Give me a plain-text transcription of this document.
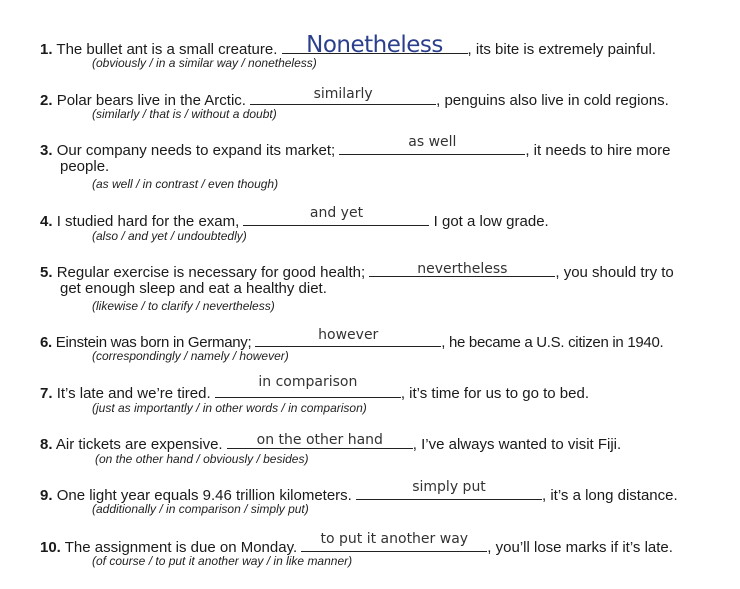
1. The bullet ant is a small creature.	Nonetheless	, its bite is extremely painful.
(obviously / in a similar way / nonetheless)
2. Polar bears live in the Arctic.	similarly	, penguins also live in cold regions.
(similarly / that is / without a doubt)
3. Our company needs to expand its market;	as well	, it needs to hire more
people.
(as well / in contrast / even though)
4. I studied hard for the exam,	and yet	I got a low grade.
(also / and yet / undoubtedly)
5. Regular exercise is necessary for good health;	nevertheless	, you should try to
get enough sleep and eat a healthy diet.
(likewise / to clarify / nevertheless)
6. Einstein was born in Germany;	however	, he became a U.S. citizen in 1940.
(correspondingly / namely / however)
7. It’s late and we’re tired.
in comparison
, it’s time for us to go to bed.
(just as importantly / in other words / in comparison)
8. Air tickets are expensive.	on the other hand	, I’ve always wanted to visit Fiji.
(on the other hand / obviously / besides)
9. One light year equals 9.46 trillion kilometers.	simply put	, it’s a long distance.
(additionally / in comparison / simply put)
10. The assignment is due on Monday.	to put it another way	, you’ll lose marks if it’s late.
(of course / to put it another way / in like manner)
